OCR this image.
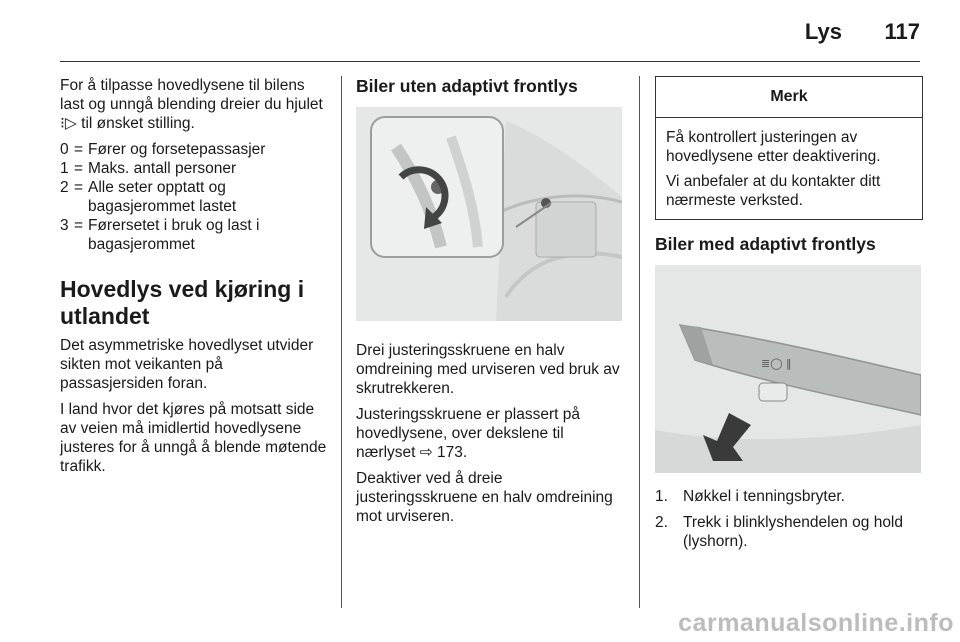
Lys 117

For å tilpasse hovedlysene til bilens last og unngå blending dreier du hjulet ⁝▷ til ønsket stilling.

0 = Fører og forsetepassasjer
1 = Maks. antall personer
2 = Alle seter opptatt og bagasjerommet lastet
3 = Førersetet i bruk og last i bagasjerommet
Hovedlys ved kjøring i utlandet

Det asymmetriske hovedlyset utvider sikten mot veikanten på passasjersiden foran.

I land hvor det kjøres på motsatt side av veien må imidlertid hovedlysene justeres for å unngå å blende møtende trafikk.

Biler uten adaptivt frontlys

Drei justeringsskruene en halv omdreining med urviseren ved bruk av skrutrekkeren.

Justeringsskruene er plassert på hovedlysene, over dekslene til nærlyset ⇨ 173.

Deaktiver ved å dreie justeringsskruene en halv omdreining mot urviseren.

Merk

Få kontrollert justeringen av hovedlysene etter deaktivering.

Vi anbefaler at du kontakter ditt nærmeste verksted.

Biler med adaptivt frontlys
≣◯ ‖
1. Nøkkel i tenningsbryter.
2. Trekk i blinklyshendelen og hold (lyshorn).
carmanualsonline.info
